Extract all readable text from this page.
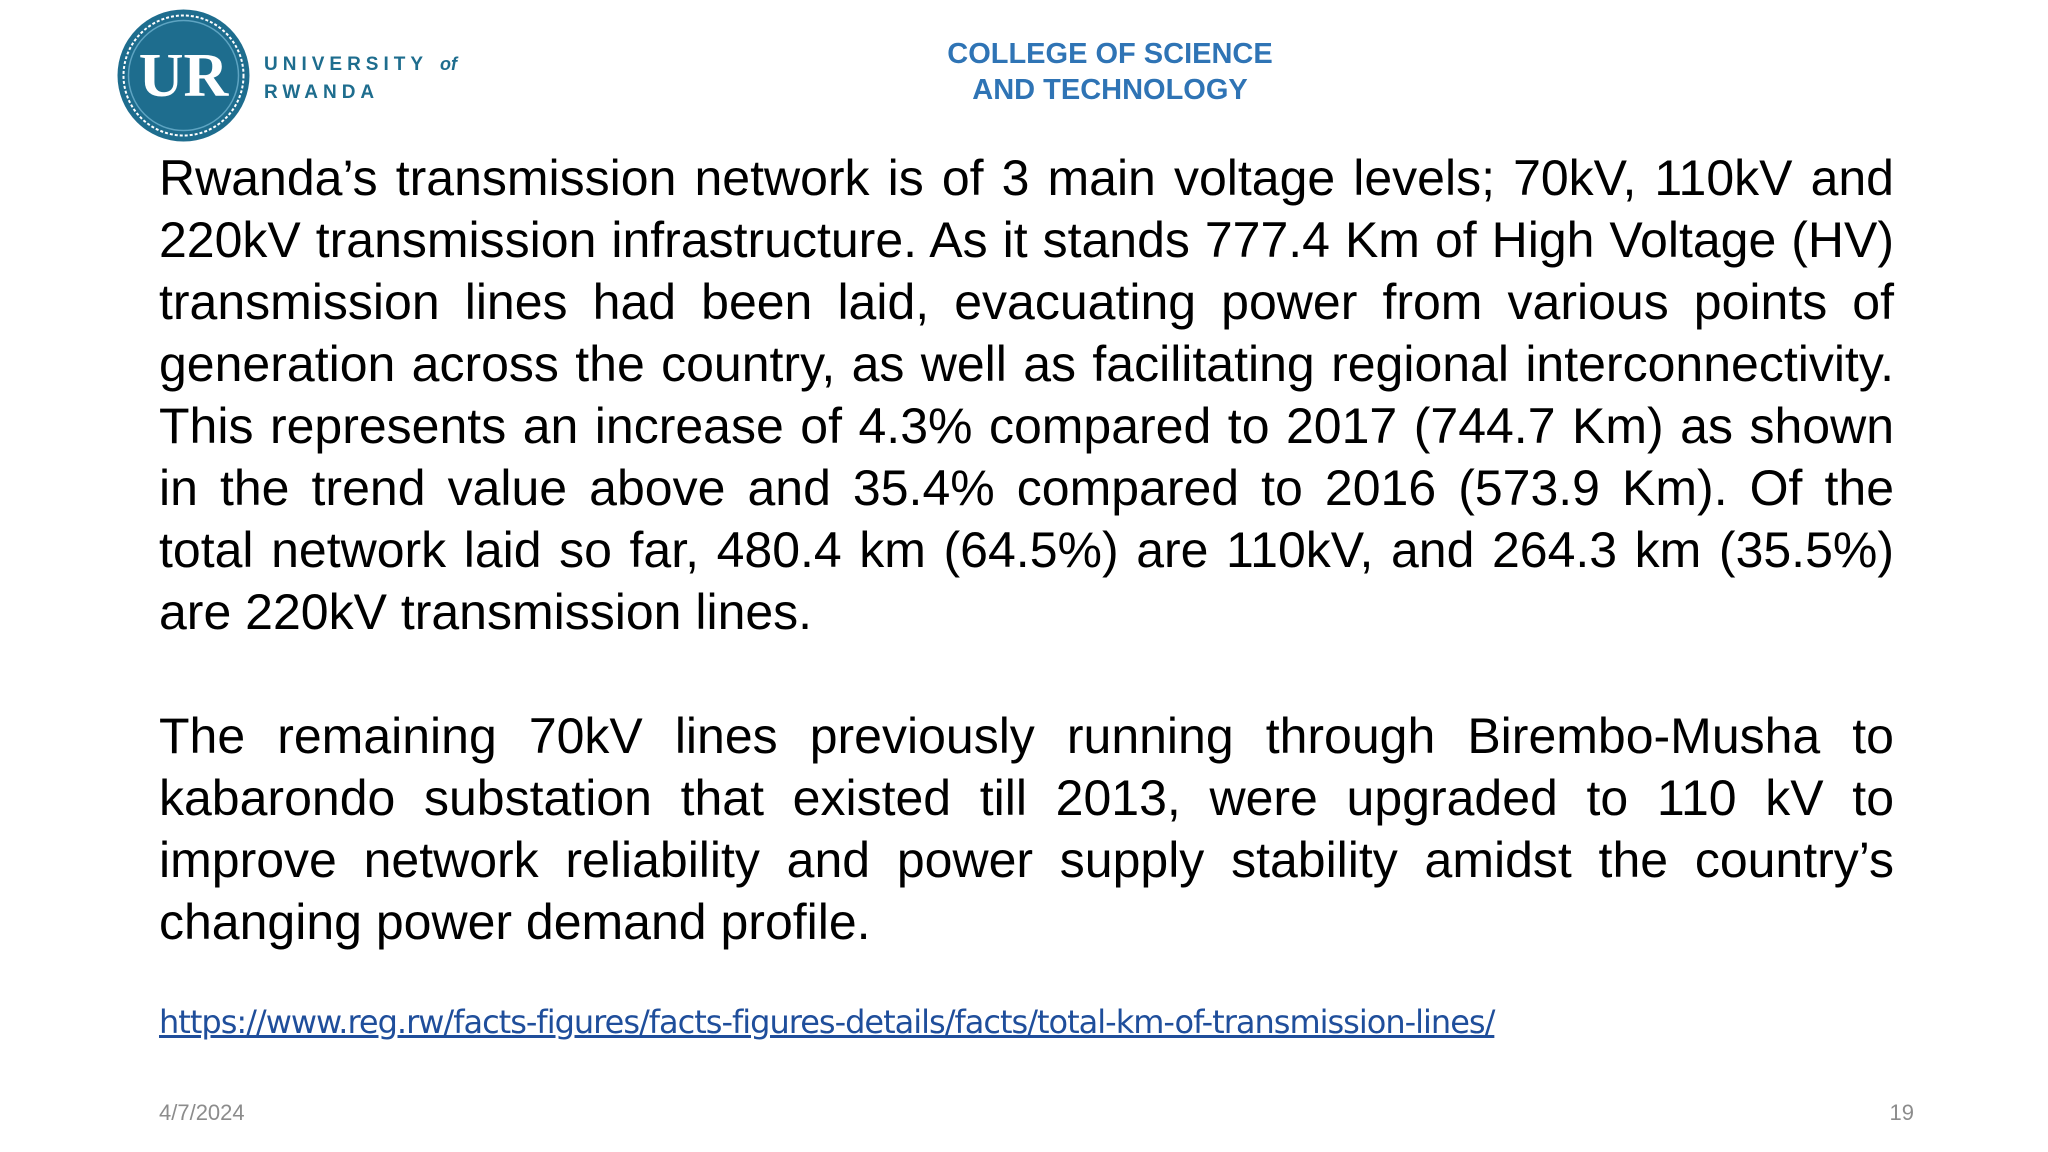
UR UNIVERSITY of
RWANDA
COLLEGE OF SCIENCE
AND TECHNOLOGY

Rwanda’s transmission network is of 3 main voltage levels; 70kV, 110kV and 220kV transmission infrastructure. As it stands 777.4 Km of High Voltage (HV) transmission lines had been laid, evacuating power from various points of generation across the country, as well as facilitating regional interconnectivity. This represents an increase of 4.3% compared to 2017 (744.7 Km) as shown in the trend value above and 35.4% compared to 2016 (573.9 Km). Of the total network laid so far, 480.4 km (64.5%) are 110kV, and 264.3 km (35.5%) are 220kV transmission lines.

The remaining 70kV lines previously running through Birembo-Musha to kabarondo substation that existed till 2013, were upgraded to 110 kV to improve network reliability and power supply stability amidst the country’s changing power demand profile.

https://www.reg.rw/facts-figures/facts-figures-details/facts/total-km-of-transmission-lines/
4/7/2024	19
